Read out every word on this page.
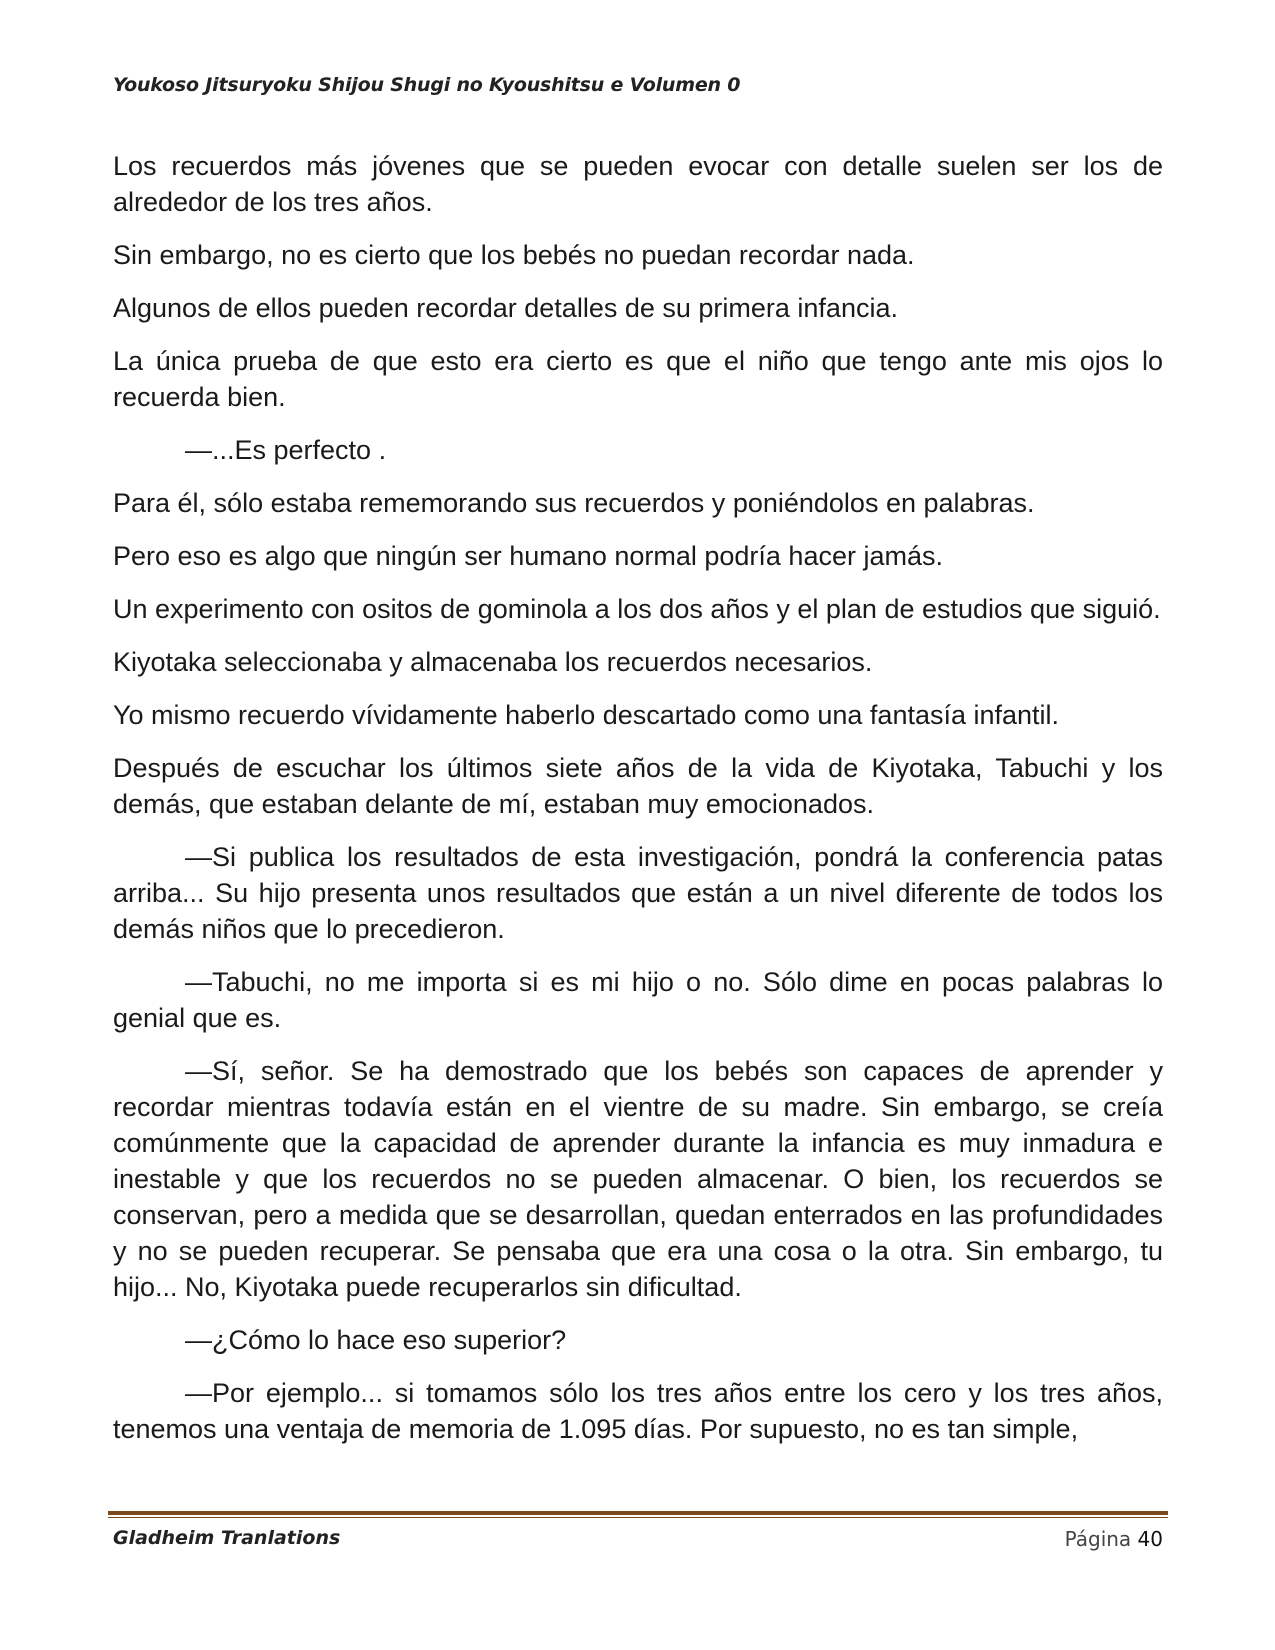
Youkoso Jitsuryoku Shijou Shugi no Kyoushitsu e Volumen 0

Los recuerdos más jóvenes que se pueden evocar con detalle suelen ser los de alrededor de los tres años.

Sin embargo, no es cierto que los bebés no puedan recordar nada.

Algunos de ellos pueden recordar detalles de su primera infancia.

La única prueba de que esto era cierto es que el niño que tengo ante mis ojos lo recuerda bien.

—...Es perfecto .

Para él, sólo estaba rememorando sus recuerdos y poniéndolos en palabras.

Pero eso es algo que ningún ser humano normal podría hacer jamás.

Un experimento con ositos de gominola a los dos años y el plan de estudios que siguió.

Kiyotaka seleccionaba y almacenaba los recuerdos necesarios.

Yo mismo recuerdo vívidamente haberlo descartado como una fantasía infantil.

Después de escuchar los últimos siete años de la vida de Kiyotaka, Tabuchi y los demás, que estaban delante de mí, estaban muy emocionados.

—Si publica los resultados de esta investigación, pondrá la conferencia patas arriba... Su hijo presenta unos resultados que están a un nivel diferente de todos los demás niños que lo precedieron.

—Tabuchi, no me importa si es mi hijo o no. Sólo dime en pocas palabras lo genial que es.

—Sí, señor. Se ha demostrado que los bebés son capaces de aprender y recordar mientras todavía están en el vientre de su madre. Sin embargo, se creía comúnmente que la capacidad de aprender durante la infancia es muy inmadura e inestable y que los recuerdos no se pueden almacenar. O bien, los recuerdos se conservan, pero a medida que se desarrollan, quedan enterrados en las profundidades y no se pueden recuperar. Se pensaba que era una cosa o la otra. Sin embargo, tu hijo... No, Kiyotaka puede recuperarlos sin dificultad.

—¿Cómo lo hace eso superior?

—Por ejemplo... si tomamos sólo los tres años entre los cero y los tres años, tenemos una ventaja de memoria de 1.095 días. Por supuesto, no es tan simple,

Gladheim Tranlations	Página 40
